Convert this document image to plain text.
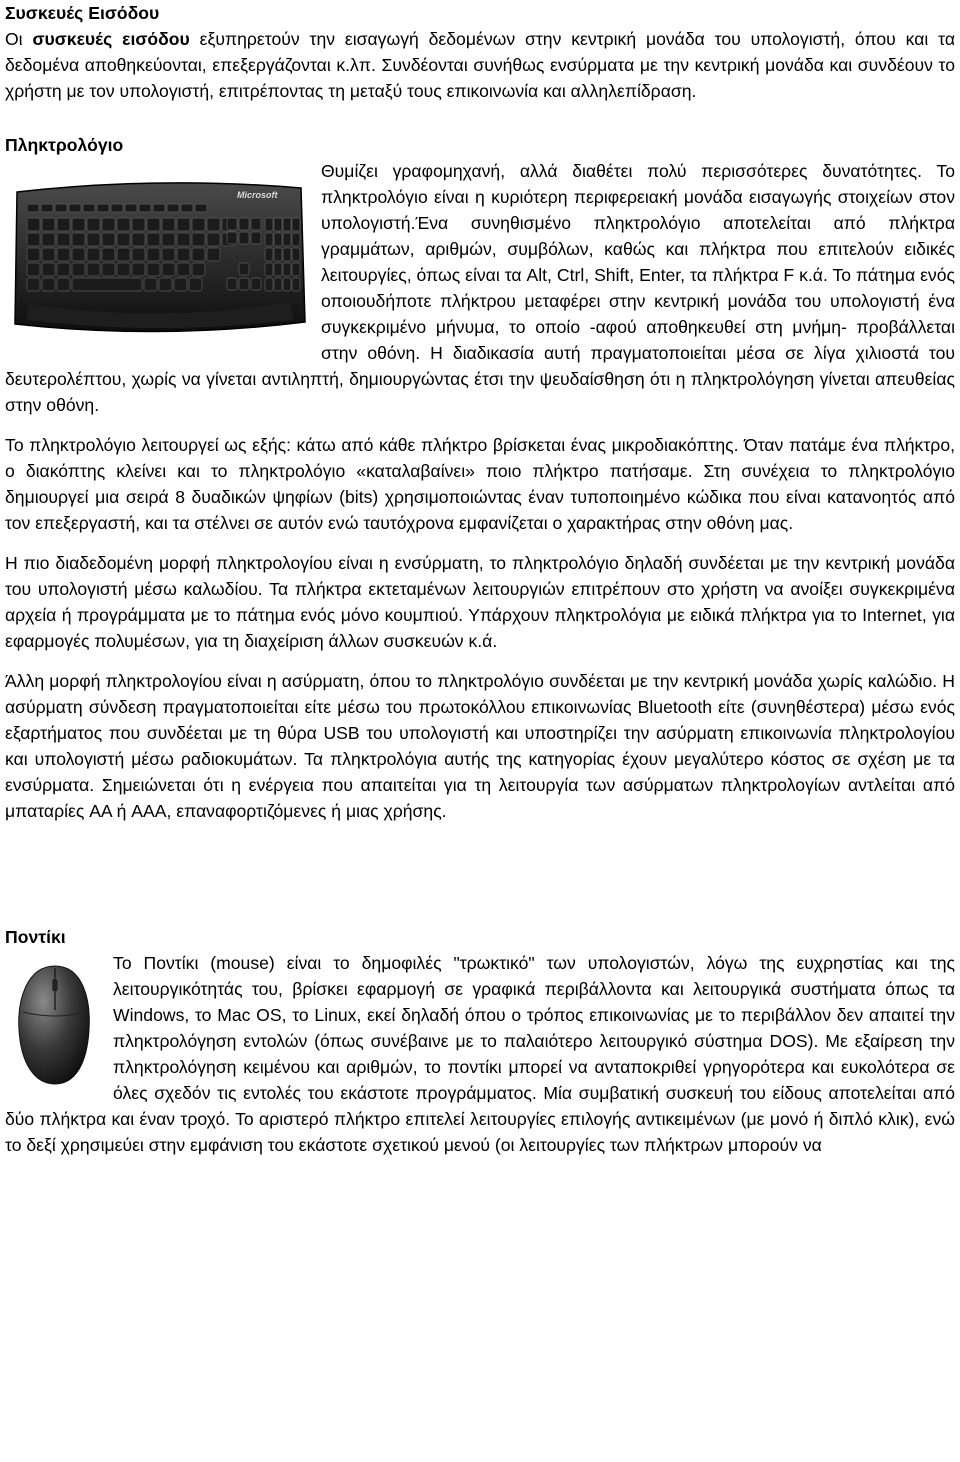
Συσκευές Εισόδου

Οι συσκευές εισόδου εξυπηρετούν την εισαγωγή δεδομένων στην κεντρική μονάδα του υπολογιστή, όπου και τα δεδομένα αποθηκεύονται, επεξεργάζονται κ.λπ. Συνδέονται συνήθως ενσύρματα με την κεντρική μονάδα και συνδέουν το χρήστη με τον υπολογιστή, επιτρέποντας τη μεταξύ τους επικοινωνία και αλληλεπίδραση.

Πληκτρολόγιο
Microsoft

Θυμίζει γραφομηχανή, αλλά διαθέτει πολύ περισσότερες δυνατότητες. Το πληκτρολόγιο είναι η κυριότερη περιφερειακή μονάδα εισαγωγής στοιχείων στον υπολογιστή.Ένα συνηθισμένο πληκτρολόγιο αποτελείται από πλήκτρα γραμμάτων, αριθμών, συμβόλων, καθώς και πλήκτρα που επιτελούν ειδικές λειτουργίες, όπως είναι τα Alt, Ctrl, Shift, Enter, τα πλήκτρα F κ.ά. Το πάτημα ενός οποιουδήποτε πλήκτρου μεταφέρει στην κεντρική μονάδα του υπολογιστή ένα συγκεκριμένο μήνυμα, το οποίο -αφού αποθηκευθεί στη μνήμη- προβάλλεται στην οθόνη. Η διαδικασία αυτή πραγματοποιείται μέσα σε λίγα χιλιοστά του δευτερολέπτου, χωρίς να γίνεται αντιληπτή, δημιουργώντας έτσι την ψευδαίσθηση ότι η πληκτρολόγηση γίνεται απευθείας στην οθόνη.

Το πληκτρολόγιο λειτουργεί ως εξής: κάτω από κάθε πλήκτρο βρίσκεται ένας μικροδιακόπτης. Όταν πατάμε ένα πλήκτρο, ο διακόπτης κλείνει και το πληκτρολόγιο «καταλαβαίνει» ποιο πλήκτρο πατήσαμε. Στη συνέχεια το πληκτρολόγιο δημιουργεί μια σειρά 8 δυαδικών ψηφίων (bits) χρησιμοποιώντας έναν τυποποιημένο κώδικα που είναι κατανοητός από τον επεξεργαστή, και τα στέλνει σε αυτόν ενώ ταυτόχρονα εμφανίζεται ο χαρακτήρας στην οθόνη μας.

Η πιο διαδεδομένη μορφή πληκτρολογίου είναι η ενσύρματη, το πληκτρολόγιο δηλαδή συνδέεται με την κεντρική μονάδα του υπολογιστή μέσω καλωδίου. Τα πλήκτρα εκτεταμένων λειτουργιών επιτρέπουν στο χρήστη να ανοίξει συγκεκριμένα αρχεία ή προγράμματα με το πάτημα ενός μόνο κουμπιού. Υπάρχουν πληκτρολόγια με ειδικά πλήκτρα για το Internet, για εφαρμογές πολυμέσων, για τη διαχείριση άλλων συσκευών κ.ά.

Άλλη μορφή πληκτρολογίου είναι η ασύρματη, όπου το πληκτρολόγιο συνδέεται με την κεντρική μονάδα χωρίς καλώδιο. Η ασύρματη σύνδεση πραγματοποιείται είτε μέσω του πρωτοκόλλου επικοινωνίας Bluetooth είτε (συνηθέστερα) μέσω ενός εξαρτήματος που συνδέεται με τη θύρα USB του υπολογιστή και υποστηρίζει την ασύρματη επικοινωνία πληκτρολογίου και υπολογιστή μέσω ραδιοκυμάτων. Τα πληκτρολόγια αυτής της κατηγορίας έχουν μεγαλύτερο κόστος σε σχέση με τα ενσύρματα. Σημειώνεται ότι η ενέργεια που απαιτείται για τη λειτουργία των ασύρματων πληκτρολογίων αντλείται από μπαταρίες AA ή AAA, επαναφορτιζόμενες ή μιας χρήσης.

Ποντίκι

Το Ποντίκι (mouse) είναι το δημοφιλές "τρωκτικό" των υπολογιστών, λόγω της ευχρηστίας και της λειτουργικότητάς του, βρίσκει εφαρμογή σε γραφικά περιβάλλοντα και λειτουργικά συστήματα όπως τα Windows, το Mac OS, το Linux, εκεί δηλαδή όπου ο τρόπος επικοινωνίας με το περιβάλλον δεν απαιτεί την πληκτρολόγηση εντολών (όπως συνέβαινε με το παλαιότερο λειτουργικό σύστημα DOS). Με εξαίρεση την πληκτρολόγηση κειμένου και αριθμών, το ποντίκι μπορεί να ανταποκριθεί γρηγορότερα και ευκολότερα σε όλες σχεδόν τις εντολές του εκάστοτε προγράμματος. Μία συμβατική συσκευή του είδους αποτελείται από δύο πλήκτρα και έναν τροχό. Το αριστερό πλήκτρο επιτελεί λειτουργίες επιλογής αντικειμένων (με μονό ή διπλό κλικ), ενώ το δεξί χρησιμεύει στην εμφάνιση του εκάστοτε σχετικού μενού (οι λειτουργίες των πλήκτρων μπορούν να
